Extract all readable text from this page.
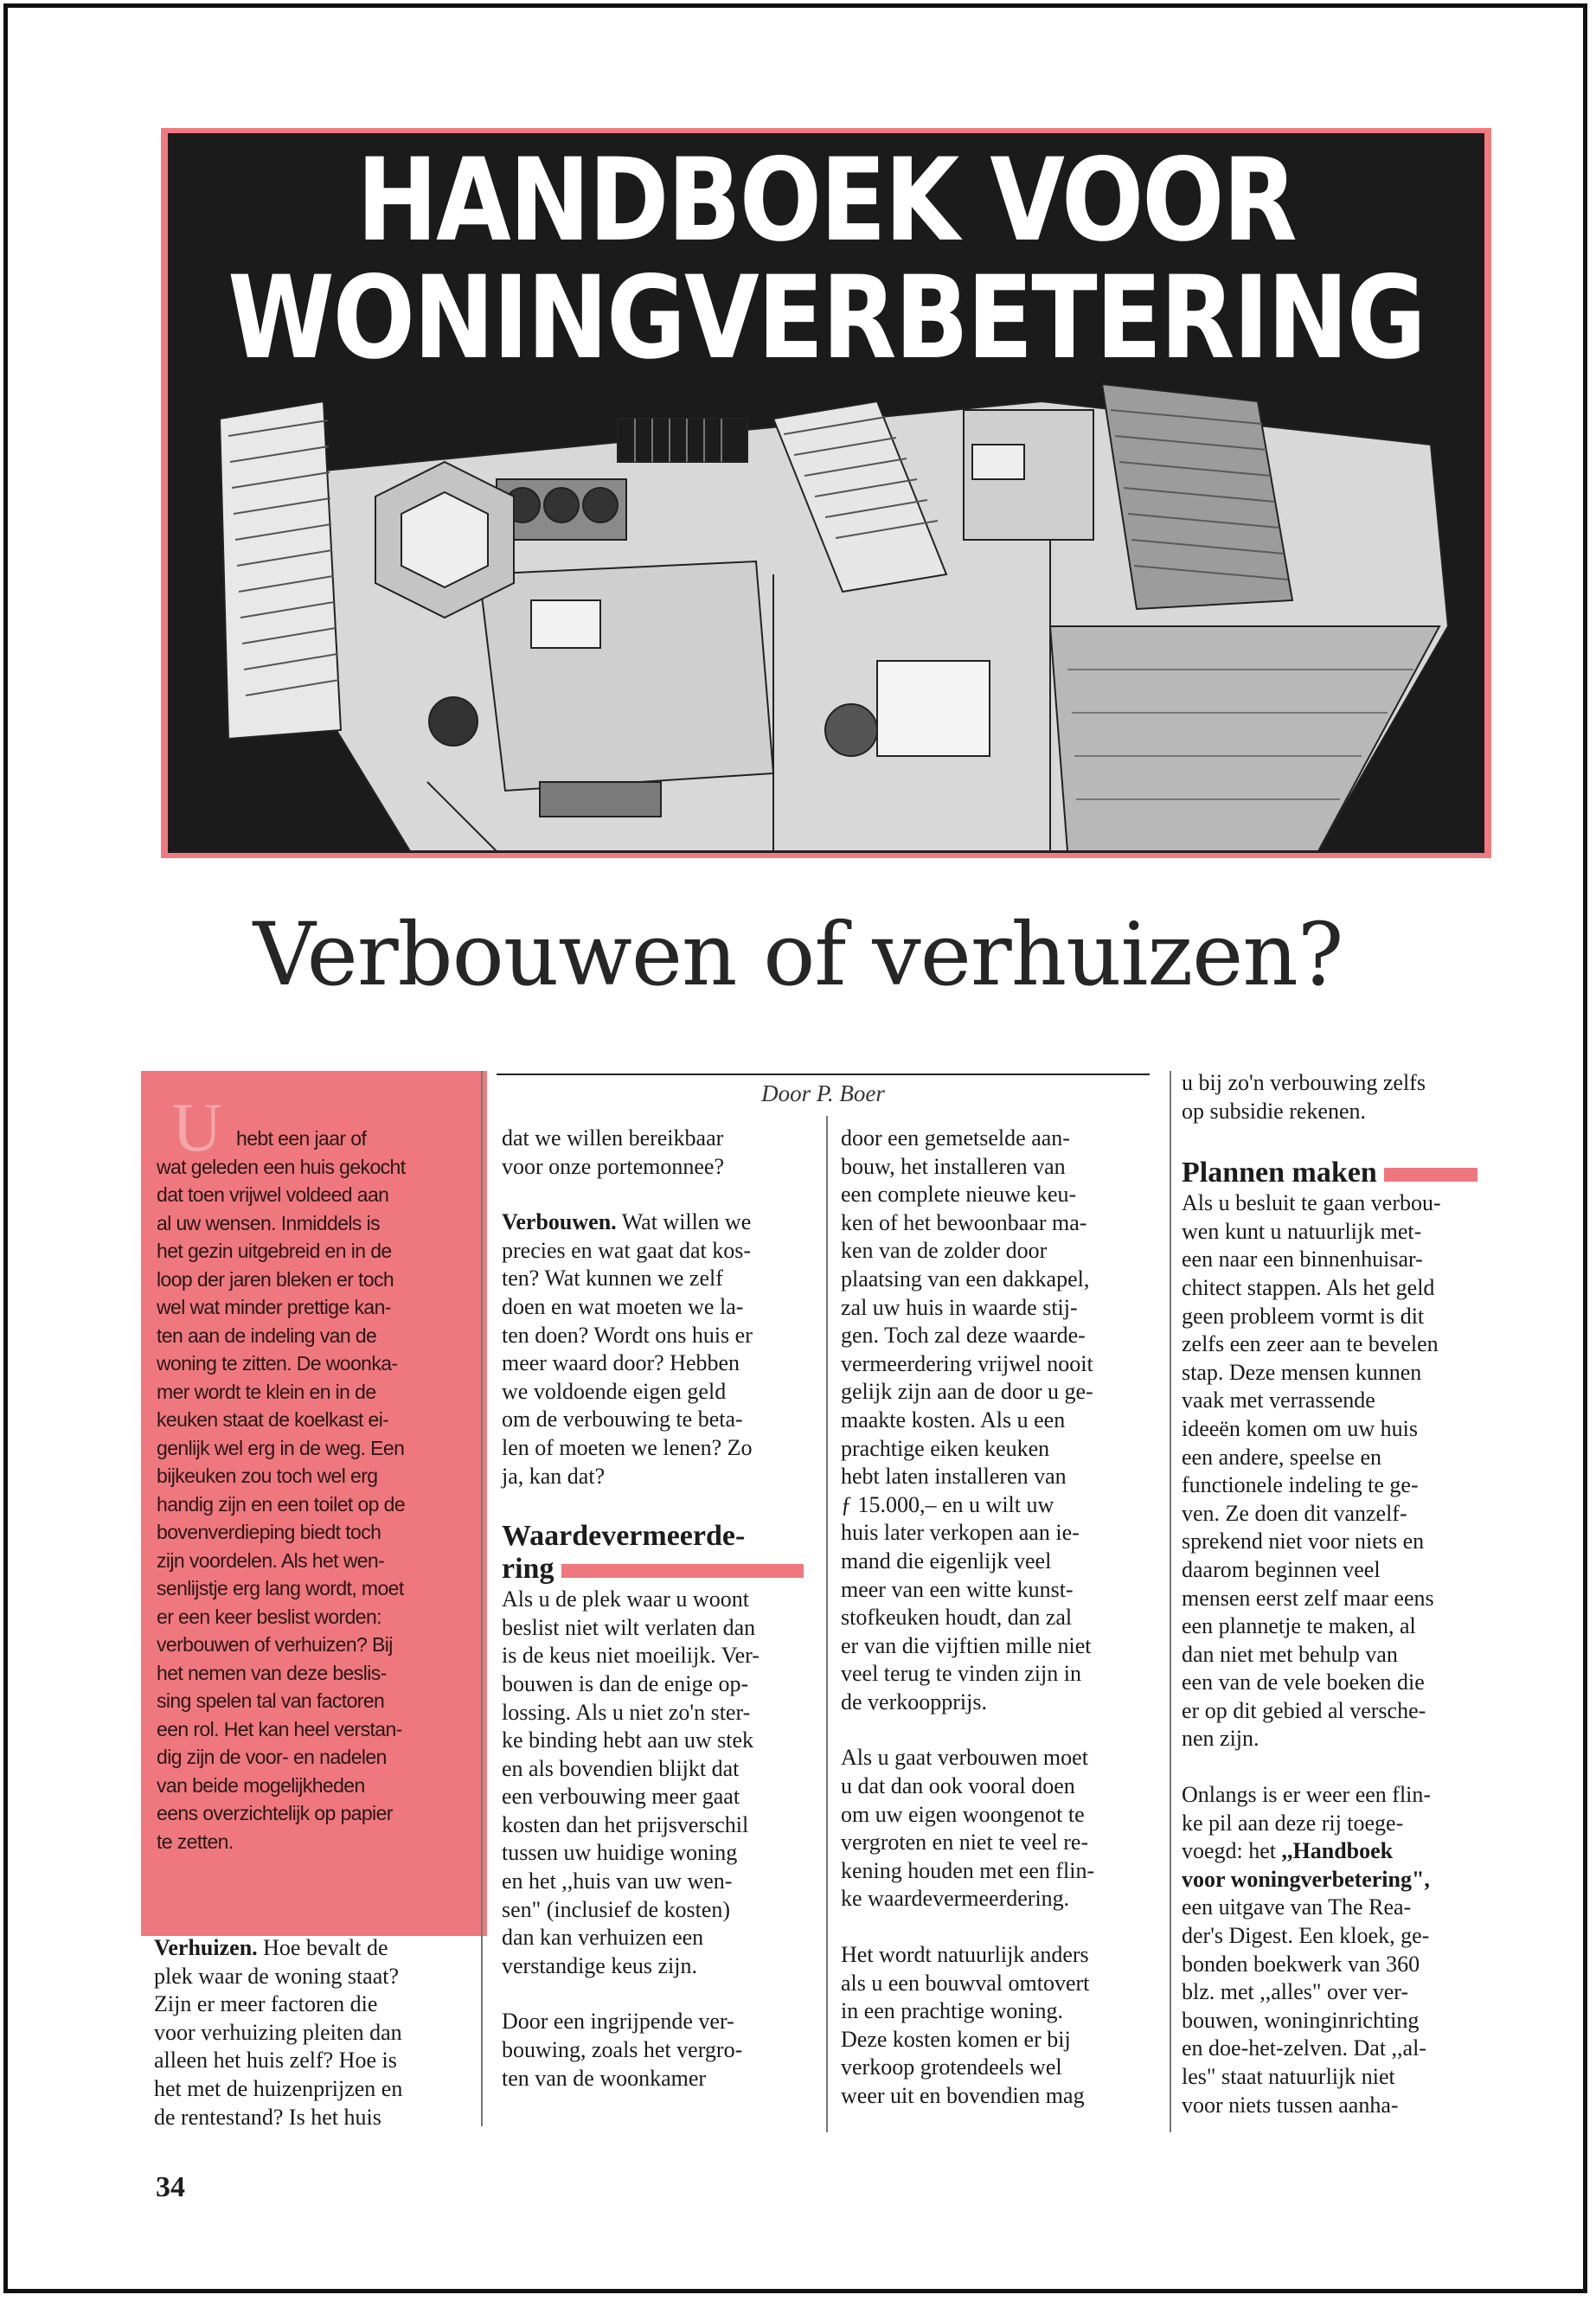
HANDBOEK VOOR
WONINGVERBETERING
Verbouwen of verhuizen?
U hebt een jaar of
wat geleden een huis gekocht
dat toen vrijwel voldeed aan
al uw wensen. Inmiddels is
het gezin uitgebreid en in de
loop der jaren bleken er toch
wel wat minder prettige kan-
ten aan de indeling van de
woning te zitten. De woonka-
mer wordt te klein en in de
keuken staat de koelkast ei-
genlijk wel erg in de weg. Een
bijkeuken zou toch wel erg
handig zijn en een toilet op de
bovenverdieping biedt toch
zijn voordelen. Als het wen-
senlijstje erg lang wordt, moet
er een keer beslist worden:
verbouwen of verhuizen? Bij
het nemen van deze beslis-
sing spelen tal van factoren
een rol. Het kan heel verstan-
dig zijn de voor- en nadelen
van beide mogelijkheden
eens overzichtelijk op papier
te zetten.
Verhuizen. Hoe bevalt de
plek waar de woning staat?
Zijn er meer factoren die
voor verhuizing pleiten dan
alleen het huis zelf? Hoe is
het met de huizenprijzen en
de rentestand? Is het huis
Door P. Boer
dat we willen bereikbaar
voor onze portemonnee?
Verbouwen. Wat willen we
precies en wat gaat dat kos-
ten? Wat kunnen we zelf
doen en wat moeten we la-
ten doen? Wordt ons huis er
meer waard door? Hebben
we voldoende eigen geld
om de verbouwing te beta-
len of moeten we lenen? Zo
ja, kan dat?
Waardevermeerde-
ring
Als u de plek waar u woont
beslist niet wilt verlaten dan
is de keus niet moeilijk. Ver-
bouwen is dan de enige op-
lossing. Als u niet zo'n ster-
ke binding hebt aan uw stek
en als bovendien blijkt dat
een verbouwing meer gaat
kosten dan het prijsverschil
tussen uw huidige woning
en het ,,huis van uw wen-
sen" (inclusief de kosten)
dan kan verhuizen een
verstandige keus zijn.
Door een ingrijpende ver-
bouwing, zoals het vergro-
ten van de woonkamer
door een gemetselde aan-
bouw, het installeren van
een complete nieuwe keu-
ken of het bewoonbaar ma-
ken van de zolder door
plaatsing van een dakkapel,
zal uw huis in waarde stij-
gen. Toch zal deze waarde-
vermeerdering vrijwel nooit
gelijk zijn aan de door u ge-
maakte kosten. Als u een
prachtige eiken keuken
hebt laten installeren van
ƒ 15.000,– en u wilt uw
huis later verkopen aan ie-
mand die eigenlijk veel
meer van een witte kunst-
stofkeuken houdt, dan zal
er van die vijftien mille niet
veel terug te vinden zijn in
de verkoopprijs.
Als u gaat verbouwen moet
u dat dan ook vooral doen
om uw eigen woongenot te
vergroten en niet te veel re-
kening houden met een flin-
ke waardevermeerdering.
Het wordt natuurlijk anders
als u een bouwval omtovert
in een prachtige woning.
Deze kosten komen er bij
verkoop grotendeels wel
weer uit en bovendien mag
u bij zo'n verbouwing zelfs
op subsidie rekenen.
Plannen maken
Als u besluit te gaan verbou-
wen kunt u natuurlijk met-
een naar een binnenhuisar-
chitect stappen. Als het geld
geen probleem vormt is dit
zelfs een zeer aan te bevelen
stap. Deze mensen kunnen
vaak met verrassende
ideeën komen om uw huis
een andere, speelse en
functionele indeling te ge-
ven. Ze doen dit vanzelf-
sprekend niet voor niets en
daarom beginnen veel
mensen eerst zelf maar eens
een plannetje te maken, al
dan niet met behulp van
een van de vele boeken die
er op dit gebied al versche-
nen zijn.
Onlangs is er weer een flin-
ke pil aan deze rij toege-
voegd: het ,,Handboek
voor woningverbetering",
een uitgave van The Rea-
der's Digest. Een kloek, ge-
bonden boekwerk van 360
blz. met ,,alles" over ver-
bouwen, woninginrichting
en doe-het-zelven. Dat ,,al-
les" staat natuurlijk niet
voor niets tussen aanha-
34
